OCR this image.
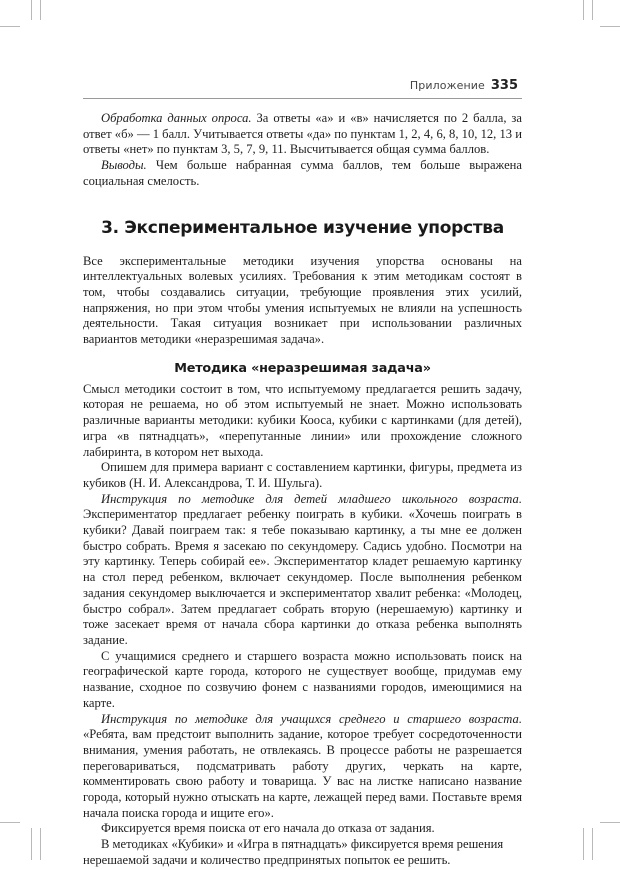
Приложение 335

Обработка данных опроса. За ответы «а» и «в» начисляется по 2 балла, за ответ «б» — 1 балл. Учитывается ответы «да» по пунктам 1, 2, 4, 6, 8, 10, 12, 13 и ответы «нет» по пунктам 3, 5, 7, 9, 11. Высчитывается общая сумма баллов.

Выводы. Чем больше набранная сумма баллов, тем больше выражена социальная смелость.

3. Экспериментальное изучение упорства

Все экспериментальные методики изучения упорства основаны на интеллектуальных волевых усилиях. Требования к этим методикам состоят в том, чтобы создавались ситуации, требующие проявления этих усилий, напряжения, но при этом чтобы умения испытуемых не влияли на успешность деятельности. Такая ситуация возникает при использовании различных вариантов методики «неразрешимая задача».

Методика «неразрешимая задача»

Смысл методики состоит в том, что испытуемому предлагается решить задачу, которая не решаема, но об этом испытуемый не знает. Можно использовать различные варианты методики: кубики Кооса, кубики с картинками (для детей), игра «в пятнадцать», «перепутанные линии» или прохождение сложного лабиринта, в котором нет выхода.

Опишем для примера вариант с составлением картинки, фигуры, предмета из кубиков (Н. И. Александрова, Т. И. Шульга).

Инструкция по методике для детей младшего школьного возраста. Экспериментатор предлагает ребенку поиграть в кубики. «Хочешь поиграть в кубики? Давай поиграем так: я тебе показываю картинку, а ты мне ее должен быстро собрать. Время я засекаю по секундомеру. Садись удобно. Посмотри на эту картинку. Теперь собирай ее». Экспериментатор кладет решаемую картинку на стол перед ребенком, включает секундомер. После выполнения ребенком задания секундомер выключается и экспериментатор хвалит ребенка: «Молодец, быстро собрал». Затем предлагает собрать вторую (нерешаемую) картинку и тоже засекает время от начала сбора картинки до отказа ребенка выполнять задание.

С учащимися среднего и старшего возраста можно использовать поиск на географической карте города, которого не существует вообще, придумав ему название, сходное по созвучию фонем с названиями городов, имеющимися на карте.

Инструкция по методике для учащихся среднего и старшего возраста. «Ребята, вам предстоит выполнить задание, которое требует сосредоточенности внимания, умения работать, не отвлекаясь. В процессе работы не разрешается переговариваться, подсматривать работу других, черкать на карте, комментировать свою работу и товарища. У вас на листке написано название города, который нужно отыскать на карте, лежащей перед вами. Поставьте время начала поиска города и ищите его».

Фиксируется время поиска от его начала до отказа от задания.

В методиках «Кубики» и «Игра в пятнадцать» фиксируется время решения нерешаемой задачи и количество предпринятых попыток ее решить.
